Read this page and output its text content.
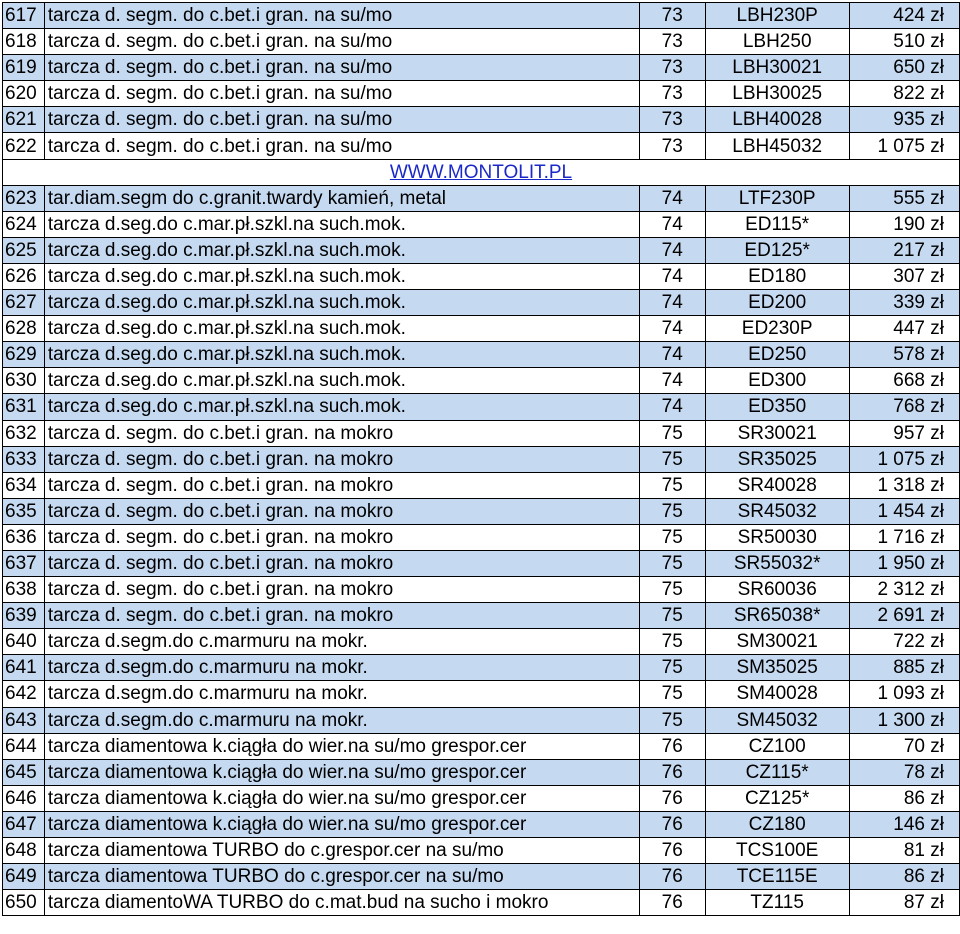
617	tarcza d. segm. do c.bet.i gran. na su/mo	73	LBH230P	424 zł
618	tarcza d. segm. do c.bet.i gran. na su/mo	73	LBH250	510 zł
619	tarcza d. segm. do c.bet.i gran. na su/mo	73	LBH30021	650 zł
620	tarcza d. segm. do c.bet.i gran. na su/mo	73	LBH30025	822 zł
621	tarcza d. segm. do c.bet.i gran. na su/mo	73	LBH40028	935 zł
622	tarcza d. segm. do c.bet.i gran. na su/mo	73	LBH45032	1 075 zł
WWW.MONTOLIT.PL				
623	tar.diam.segm do c.granit.twardy kamień, metal	74	LTF230P	555 zł
624	tarcza d.seg.do c.mar.pł.szkl.na such.mok.	74	ED115*	190 zł
625	tarcza d.seg.do c.mar.pł.szkl.na such.mok.	74	ED125*	217 zł
626	tarcza d.seg.do c.mar.pł.szkl.na such.mok.	74	ED180	307 zł
627	tarcza d.seg.do c.mar.pł.szkl.na such.mok.	74	ED200	339 zł
628	tarcza d.seg.do c.mar.pł.szkl.na such.mok.	74	ED230P	447 zł
629	tarcza d.seg.do c.mar.pł.szkl.na such.mok.	74	ED250	578 zł
630	tarcza d.seg.do c.mar.pł.szkl.na such.mok.	74	ED300	668 zł
631	tarcza d.seg.do c.mar.pł.szkl.na such.mok.	74	ED350	768 zł
632	tarcza d. segm. do c.bet.i gran. na mokro	75	SR30021	957 zł
633	tarcza d. segm. do c.bet.i gran. na mokro	75	SR35025	1 075 zł
634	tarcza d. segm. do c.bet.i gran. na mokro	75	SR40028	1 318 zł
635	tarcza d. segm. do c.bet.i gran. na mokro	75	SR45032	1 454 zł
636	tarcza d. segm. do c.bet.i gran. na mokro	75	SR50030	1 716 zł
637	tarcza d. segm. do c.bet.i gran. na mokro	75	SR55032*	1 950 zł
638	tarcza d. segm. do c.bet.i gran. na mokro	75	SR60036	2 312 zł
639	tarcza d. segm. do c.bet.i gran. na mokro	75	SR65038*	2 691 zł
640	tarcza d.segm.do c.marmuru na mokr.	75	SM30021	722 zł
641	tarcza d.segm.do c.marmuru na mokr.	75	SM35025	885 zł
642	tarcza d.segm.do c.marmuru na mokr.	75	SM40028	1 093 zł
643	tarcza d.segm.do c.marmuru na mokr.	75	SM45032	1 300 zł
644	tarcza diamentowa k.ciągła do wier.na su/mo grespor.cer	76	CZ100	70 zł
645	tarcza diamentowa k.ciągła do wier.na su/mo grespor.cer	76	CZ115*	78 zł
646	tarcza diamentowa k.ciągła do wier.na su/mo grespor.cer	76	CZ125*	86 zł
647	tarcza diamentowa k.ciągła do wier.na su/mo grespor.cer	76	CZ180	146 zł
648	tarcza diamentowa TURBO do c.grespor.cer na su/mo	76	TCS100E	81 zł
649	tarcza diamentowa TURBO do c.grespor.cer na su/mo	76	TCE115E	86 zł
650	tarcza diamentoWA TURBO do c.mat.bud na sucho i mokro	76	TZ115	87 zł
